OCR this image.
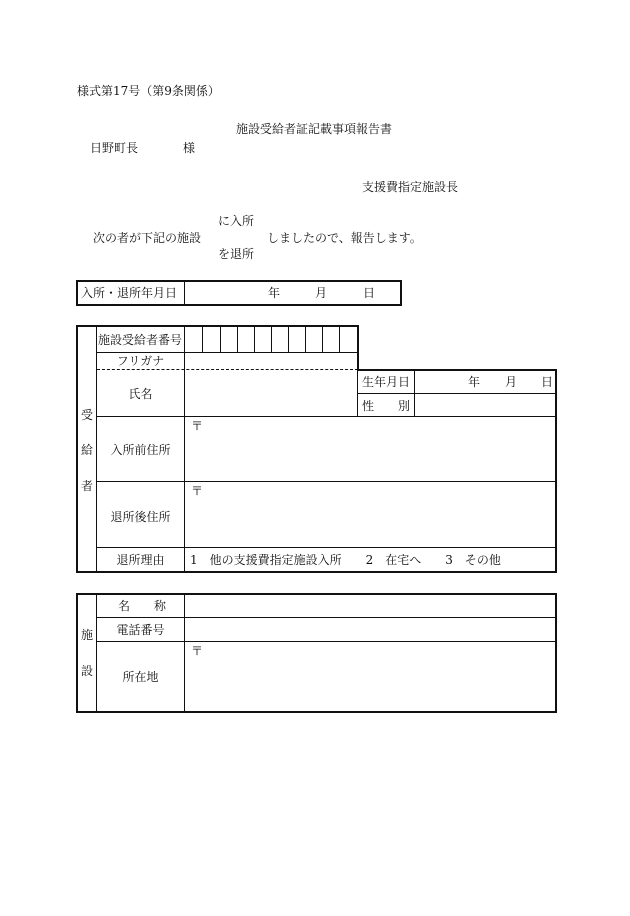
様式第17号（第9条関係）
施設受給者証記載事項報告書
日野町長	様
支援費指定施設長
次の者が下記の施設
に入所
を退所
しましたので、報告します。
入所・退所年月日	年	月	日
受
給
者
施設受給者番号
フリガナ
氏名
生年月日	年 月 日
性 別
〒
入所前住所
〒
退所後住所
退所理由	1　他の支援費指定施設入所　　2　在宅へ　　3　その他
施
設
名 称
電話番号
〒
所在地
